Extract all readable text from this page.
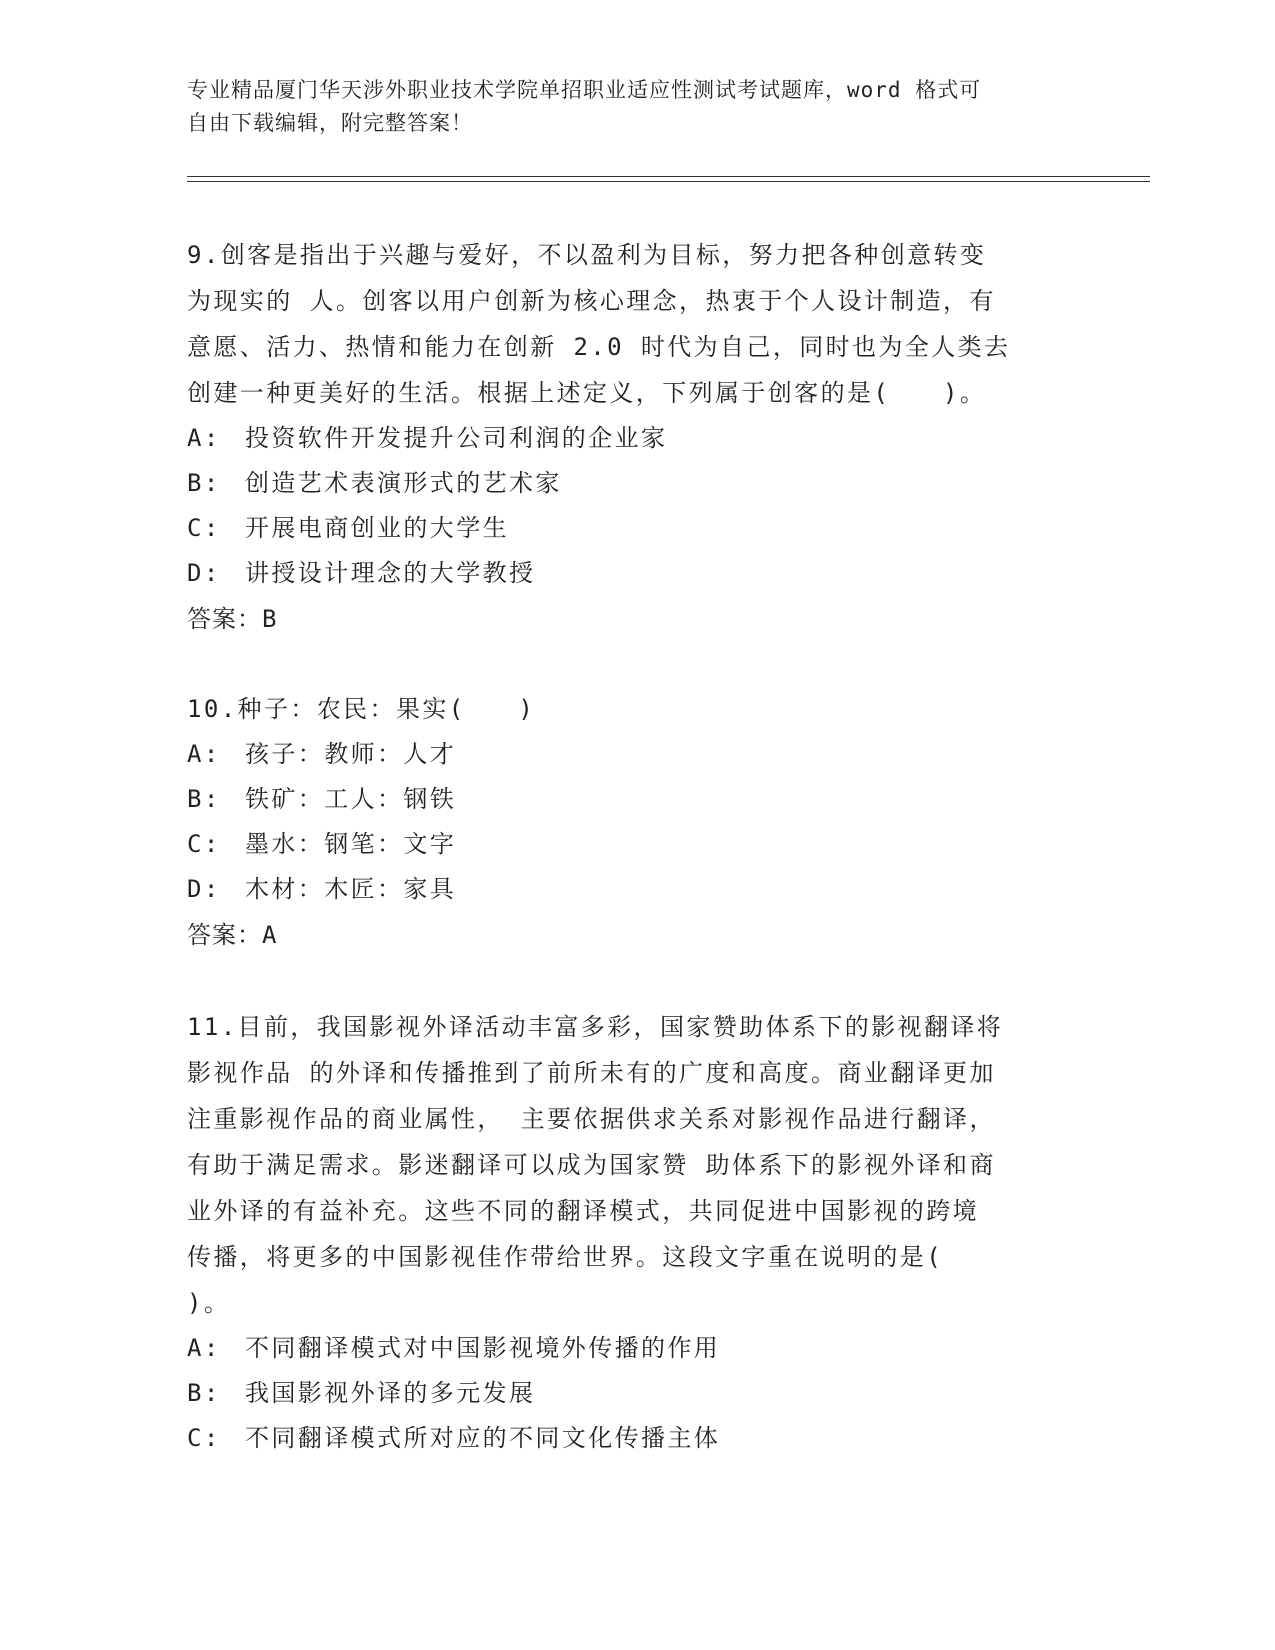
专业精品厦门华天涉外职业技术学院单招职业适应性测试考试题库，word 格式可
自由下载编辑，附完整答案！
9.创客是指出于兴趣与爱好，不以盈利为目标，努力把各种创意转变
为现实的 人。创客以用户创新为核心理念，热衷于个人设计制造，有
意愿、活力、热情和能力在创新 2.0 时代为自己，同时也为全人类去
创建一种更美好的生活。根据上述定义，下列属于创客的是(　　)。
A: 投资软件开发提升公司利润的企业家
B: 创造艺术表演形式的艺术家
C: 开展电商创业的大学生
D: 讲授设计理念的大学教授
答案：B
10.种子：农民：果实(　　)
A: 孩子：教师：人才
B: 铁矿：工人：钢铁
C: 墨水：钢笔：文字
D: 木材：木匠：家具
答案：A
11.目前，我国影视外译活动丰富多彩，国家赞助体系下的影视翻译将
影视作品 的外译和传播推到了前所未有的广度和高度。商业翻译更加
注重影视作品的商业属性， 主要依据供求关系对影视作品进行翻译，
有助于满足需求。影迷翻译可以成为国家赞 助体系下的影视外译和商
业外译的有益补充。这些不同的翻译模式，共同促进中国影视的跨境
传播，将更多的中国影视佳作带给世界。这段文字重在说明的是(
)。
A: 不同翻译模式对中国影视境外传播的作用
B: 我国影视外译的多元发展
C: 不同翻译模式所对应的不同文化传播主体
